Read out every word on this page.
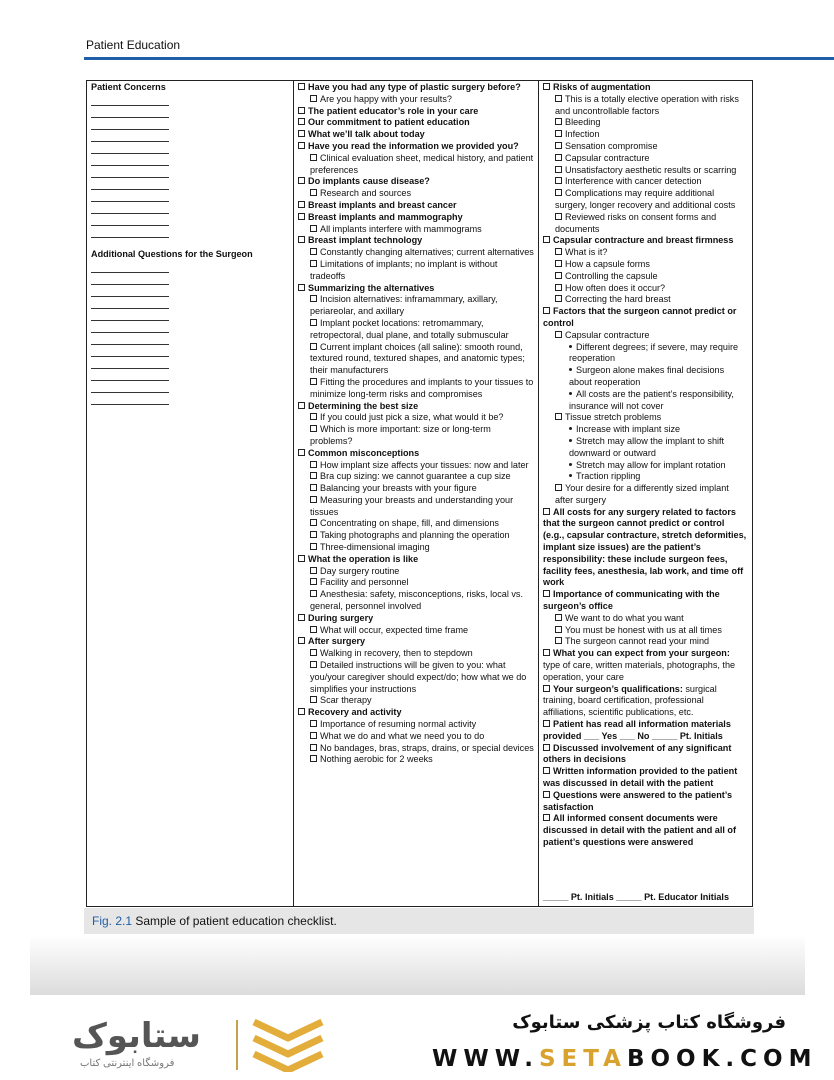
Patient Education
Patient Concerns
Additional Questions for the Surgeon
Have you had any type of plastic surgery before?
Are you happy with your results?
The patient educator’s role in your care
Our commitment to patient education
What we’ll talk about today
Have you read the information we provided you?
Clinical evaluation sheet, medical history, and patient preferences
Do implants cause disease?
Research and sources
Breast implants and breast cancer
Breast implants and mammography
All implants interfere with mammograms
Breast implant technology
Constantly changing alternatives; current alternatives
Limitations of implants; no implant is without tradeoffs
Summarizing the alternatives
Incision alternatives: inframammary, axillary, periareolar, and axillary
Implant pocket locations: retromammary, retropectoral, dual plane, and totally submuscular
Current implant choices (all saline): smooth round, textured round, textured shapes, and anatomic types; their manufacturers
Fitting the procedures and implants to your tissues to minimize long-term risks and compromises
Determining the best size
If you could just pick a size, what would it be?
Which is more important: size or long-term problems?
Common misconceptions
How implant size affects your tissues: now and later
Bra cup sizing: we cannot guarantee a cup size
Balancing your breasts with your figure
Measuring your breasts and understanding your tissues
Concentrating on shape, fill, and dimensions
Taking photographs and planning the operation
Three-dimensional imaging
What the operation is like
Day surgery routine
Facility and personnel
Anesthesia: safety, misconceptions, risks, local vs. general, personnel involved
During surgery
What will occur, expected time frame
After surgery
Walking in recovery, then to stepdown
Detailed instructions will be given to you: what you/your caregiver should expect/do; how what we do simplifies your instructions
Scar therapy
Recovery and activity
Importance of resuming normal activity
What we do and what we need you to do
No bandages, bras, straps, drains, or special devices
Nothing aerobic for 2 weeks
Risks of augmentation
This is a totally elective operation with risks and uncontrollable factors
Bleeding
Infection
Sensation compromise
Capsular contracture
Unsatisfactory aesthetic results or scarring
Interference with cancer detection
Complications may require additional surgery, longer recovery and additional costs
Reviewed risks on consent forms and documents
Capsular contracture and breast firmness
What is it?
How a capsule forms
Controlling the capsule
How often does it occur?
Correcting the hard breast
Factors that the surgeon cannot predict or control
Capsular contracture
Different degrees; if severe, may require reoperation
Surgeon alone makes final decisions about reoperation
All costs are the patient’s responsibility, insurance will not cover
Tissue stretch problems
Increase with implant size
Stretch may allow the implant to shift downward or outward
Stretch may allow for implant rotation
Traction rippling
Your desire for a differently sized implant after surgery
All costs for any surgery related to factors that the surgeon cannot predict or control (e.g., capsular contracture, stretch deformities, implant size issues) are the patient’s responsibility: these include surgeon fees, facility fees, anesthesia, lab work, and time off work
Importance of communicating with the surgeon’s office
We want to do what you want
You must be honest with us at all times
The surgeon cannot read your mind
What you can expect from your surgeon: type of care, written materials, photographs, the operation, your care
Your surgeon’s qualifications: surgical training, board certification, professional affiliations, scientific publications, etc.
Patient has read all information materials provided ___ Yes ___ No _____ Pt. Initials
Discussed involvement of any significant others in decisions
Written information provided to the patient was discussed in detail with the patient
Questions were answered to the patient’s satisfaction
All informed consent documents were discussed in detail with the patient and all of patient’s questions were answered
_____ Pt. Initials _____ Pt. Educator Initials
Fig. 2.1 Sample of patient education checklist.
ستابوک
فروشگاه اینترنتی کتاب
فروشگاه کتاب پزشکی ستابوک
WWW.SETABOOK.COM
